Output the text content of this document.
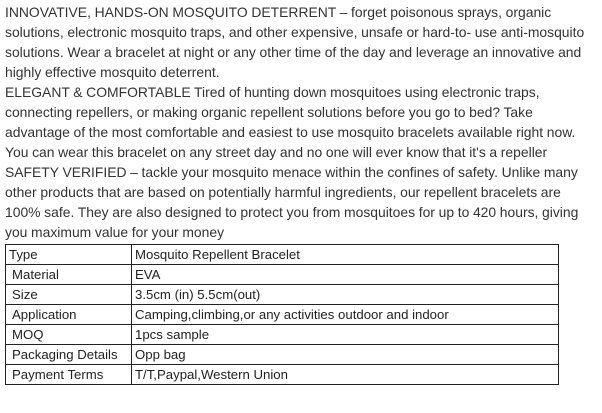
INNOVATIVE, HANDS-ON MOSQUITO DETERRENT – forget poisonous sprays, organic solutions, electronic mosquito traps, and other expensive, unsafe or hard-to- use anti-mosquito solutions. Wear a bracelet at night or any other time of the day and leverage an innovative and highly effective mosquito deterrent.

ELEGANT & COMFORTABLE Tired of hunting down mosquitoes using electronic traps, connecting repellers, or making organic repellent solutions before you go to bed? Take advantage of the most comfortable and easiest to use mosquito bracelets available right now. You can wear this bracelet on any street day and no one will ever know that it's a repeller

SAFETY VERIFIED – tackle your mosquito menace within the confines of safety. Unlike many other products that are based on potentially harmful ingredients, our repellent bracelets are 100% safe. They are also designed to protect you from mosquitoes for up to 420 hours, giving you maximum value for your money

Type	Mosquito Repellent Bracelet
Material	EVA
Size	3.5cm (in) 5.5cm(out)
Application	Camping,climbing,or any activities outdoor and indoor
MOQ	1pcs sample
Packaging Details	Opp bag
Payment Terms	T/T,Paypal,Western Union
